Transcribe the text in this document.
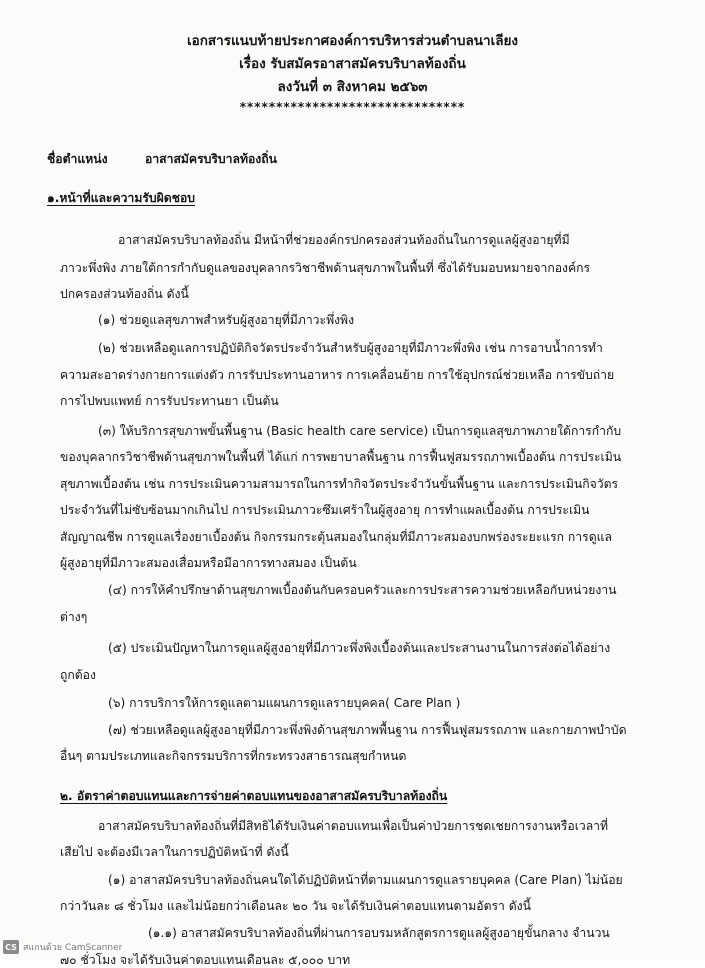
เอกสารแนบท้ายประกาศองค์การบริหารส่วนตำบลนาเลียง
เรื่อง รับสมัครอาสาสมัครบริบาลท้องถิ่น
ลงวันที่ ๓ สิงหาคม ๒๕๖๓
*******************************
ชื่อตำแหน่ง	อาสาสมัครบริบาลท้องถิ่น
๑.หน้าที่และความรับผิดชอบ
อาสาสมัครบริบาลท้องถิ่น มีหน้าที่ช่วยองค์กรปกครองส่วนท้องถิ่นในการดูแลผู้สูงอายุที่มี
ภาวะพึ่งพิง ภายใต้การกำกับดูแลของบุคลากรวิชาชีพด้านสุขภาพในพื้นที่ ซึ่งได้รับมอบหมายจากองค์กร
ปกครองส่วนท้องถิ่น ดังนี้
(๑) ช่วยดูแลสุขภาพสำหรับผู้สูงอายุที่มีภาวะพึ่งพิง
(๒) ช่วยเหลือดูแลการปฏิบัติกิจวัตรประจำวันสำหรับผู้สูงอายุที่มีภาวะพึ่งพิง เช่น การอาบน้ำการทำ
ความสะอาดร่างกายการแต่งตัว การรับประทานอาหาร การเคลื่อนย้าย การใช้อุปกรณ์ช่วยเหลือ การขับถ่าย
การไปพบแพทย์ การรับประทานยา เป็นต้น
(๓) ให้บริการสุขภาพขั้นพื้นฐาน (Basic health care service) เป็นการดูแลสุขภาพภายใต้การกำกับ
ของบุคลากรวิชาชีพด้านสุขภาพในพื้นที่ ได้แก่ การพยาบาลพื้นฐาน การฟื้นฟูสมรรถภาพเบื้องต้น การประเมิน
สุขภาพเบื้องต้น เช่น การประเมินความสามารถในการทำกิจวัตรประจำวันขั้นพื้นฐาน และการประเมินกิจวัตร
ประจำวันที่ไม่ซับซ้อนมากเกินไป การประเมินภาวะซึมเศร้าในผู้สูงอายุ การทำแผลเบื้องต้น การประเมิน
สัญญาณชีพ การดูแลเรื่องยาเบื้องต้น กิจกรรมกระตุ้นสมองในกลุ่มที่มีภาวะสมองบกพร่องระยะแรก การดูแล
ผู้สูงอายุที่มีภาวะสมองเสื่อมหรือมีอาการทางสมอง เป็นต้น
(๔) การให้คำปรึกษาด้านสุขภาพเบื้องต้นกับครอบครัวและการประสารความช่วยเหลือกับหน่วยงาน
ต่างๆ
(๕) ประเมินปัญหาในการดูแลผู้สูงอายุที่มีภาวะพึ่งพิงเบื้องต้นและประสานงานในการส่งต่อได้อย่าง
ถูกต้อง
(๖) การบริการให้การดูแลตามแผนการดูแลรายบุคคล( Care Plan )
(๗) ช่วยเหลือดูแลผู้สูงอายุที่มีภาวะพึ่งพิงด้านสุขภาพพื้นฐาน การฟื้นฟูสมรรถภาพ และกายภาพบำบัด
อื่นๆ ตามประเภทและกิจกรรมบริการที่กระทรวงสาธารณสุขกำหนด
๒. อัตราค่าตอบแทนและการจ่ายค่าตอบแทนของอาสาสมัครบริบาลท้องถิ่น
อาสาสมัครบริบาลท้องถิ่นที่มีสิทธิได้รับเงินค่าตอบแทนเพื่อเป็นค่าป่วยการชดเชยการงานหรือเวลาที่
เสียไป จะต้องมีเวลาในการปฏิบัติหน้าที่ ดังนี้
(๑) อาสาสมัครบริบาลท้องถิ่นคนใดได้ปฏิบัติหน้าที่ตามแผนการดูแลรายบุคคล (Care Plan) ไม่น้อย
กว่าวันละ ๘ ชั่วโมง และไม่น้อยกว่าเดือนละ ๒๐ วัน จะได้รับเงินค่าตอบแทนตามอัตรา ดังนี้
(๑.๑) อาสาสมัครบริบาลท้องถิ่นที่ผ่านการอบรมหลักสูตรการดูแลผู้สูงอายุขั้นกลาง จำนวน
๗๐ ชั่วโมง จะได้รับเงินค่าตอบแทนเดือนละ ๕,๐๐๐ บาท
CS สแกนด้วย CamScanner
